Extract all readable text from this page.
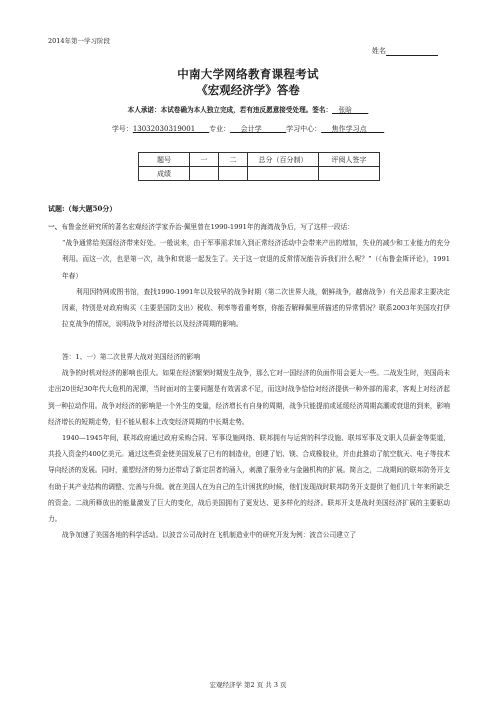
2014年第一学习阶段
姓名
中南大学网络教育课程考试
《宏观经济学》答卷
本人承诺：本试卷确为本人独立完成，若有违反愿意接受处理。签名：__张晗_____
学号：13032030319001____专业：___会计学_______学习中心：___焦作学习点_____
题号	一	二	总分（百分制）	评阅人签字
成绩				
试题:（每大题50分）

一、布鲁金丝研究所的著名宏观经济学家乔治·佩里曾在1990-1991年的海湾战争后，写了这样一段话：

“战争通常给美国经济带来好处。一般说来，由于军事需求加入到正常经济活动中会带来产出的增加，失业的减少和工业能力的充分利用。而这一次，也是第一次，战争和衰退一起发生了。关于这一衰退的反常情况能告诉我们什么呢？”（《布鲁金斯评论》，1991年春）

利用因特网或图书馆，查找1990-1991年以及较早的战争时期（第二次世界大战，朝鲜战争，越南战争）有关总需求主要决定因素，特别是对政府购买（主要是国防支出）税收、利率等看重考察，你能否解释佩里所描述的异常情况？联系2003年美国攻打伊拉克战争的情况，说明战争对经济增长以及经济周期的影响。

答：1、一）第二次世界大战对美国经济的影响

战争的时机对经济的影响也很大。如果在经济繁荣时期发生战争，那么它对一国经济的负面作用会更大一些。二战发生时，美国尚未走出20世纪30年代大危机的泥潭，当时面对的主要问题是有效需求不足，而这时战争恰恰对经济提供一种外部的需求，客观上对经济起到一种拉动作用。战争对经济的影响是一个外生的变量，经济增长有自身的周期，战争只能提前或延缓经济周期高潮或衰退的到来，影响经济增长的短期走势，但不能从根本上改变经济周期的中长期走势。

1940—1945年间，联邦政府通过政府采购合同、军事设施网络、联邦拥有与运营的科学设施、联邦军事及文职人员薪金等渠道，共投入资金约400亿美元。通过这些资金使美国发展了已有的制造业，创建了铝、镁、合成橡胶业，并由此推动了航空航天、电子等技术导向经济的发展。同时，重塑经济的努力还带动了新定居者的涌入，刺激了服务业与金融机构的扩展。简言之，二战期间的联邦防务开支有助于其产业结构的调整、完善与升级。就在美国人在为自己的生计困扰的时候，他们发现战时联邦防务开支提供了他们几十年来所缺乏的资金。二战所释放出的能量激发了巨大的变化，战后美国拥有了更发达、更多样化的经济。联邦开支是战时美国经济扩展的主要驱动力。

战争加速了美国各地的科学活动。以波音公司战时在飞机制造业中的研究开发为例：波音公司建立了

宏观经济学 第2 页 共 3 页
